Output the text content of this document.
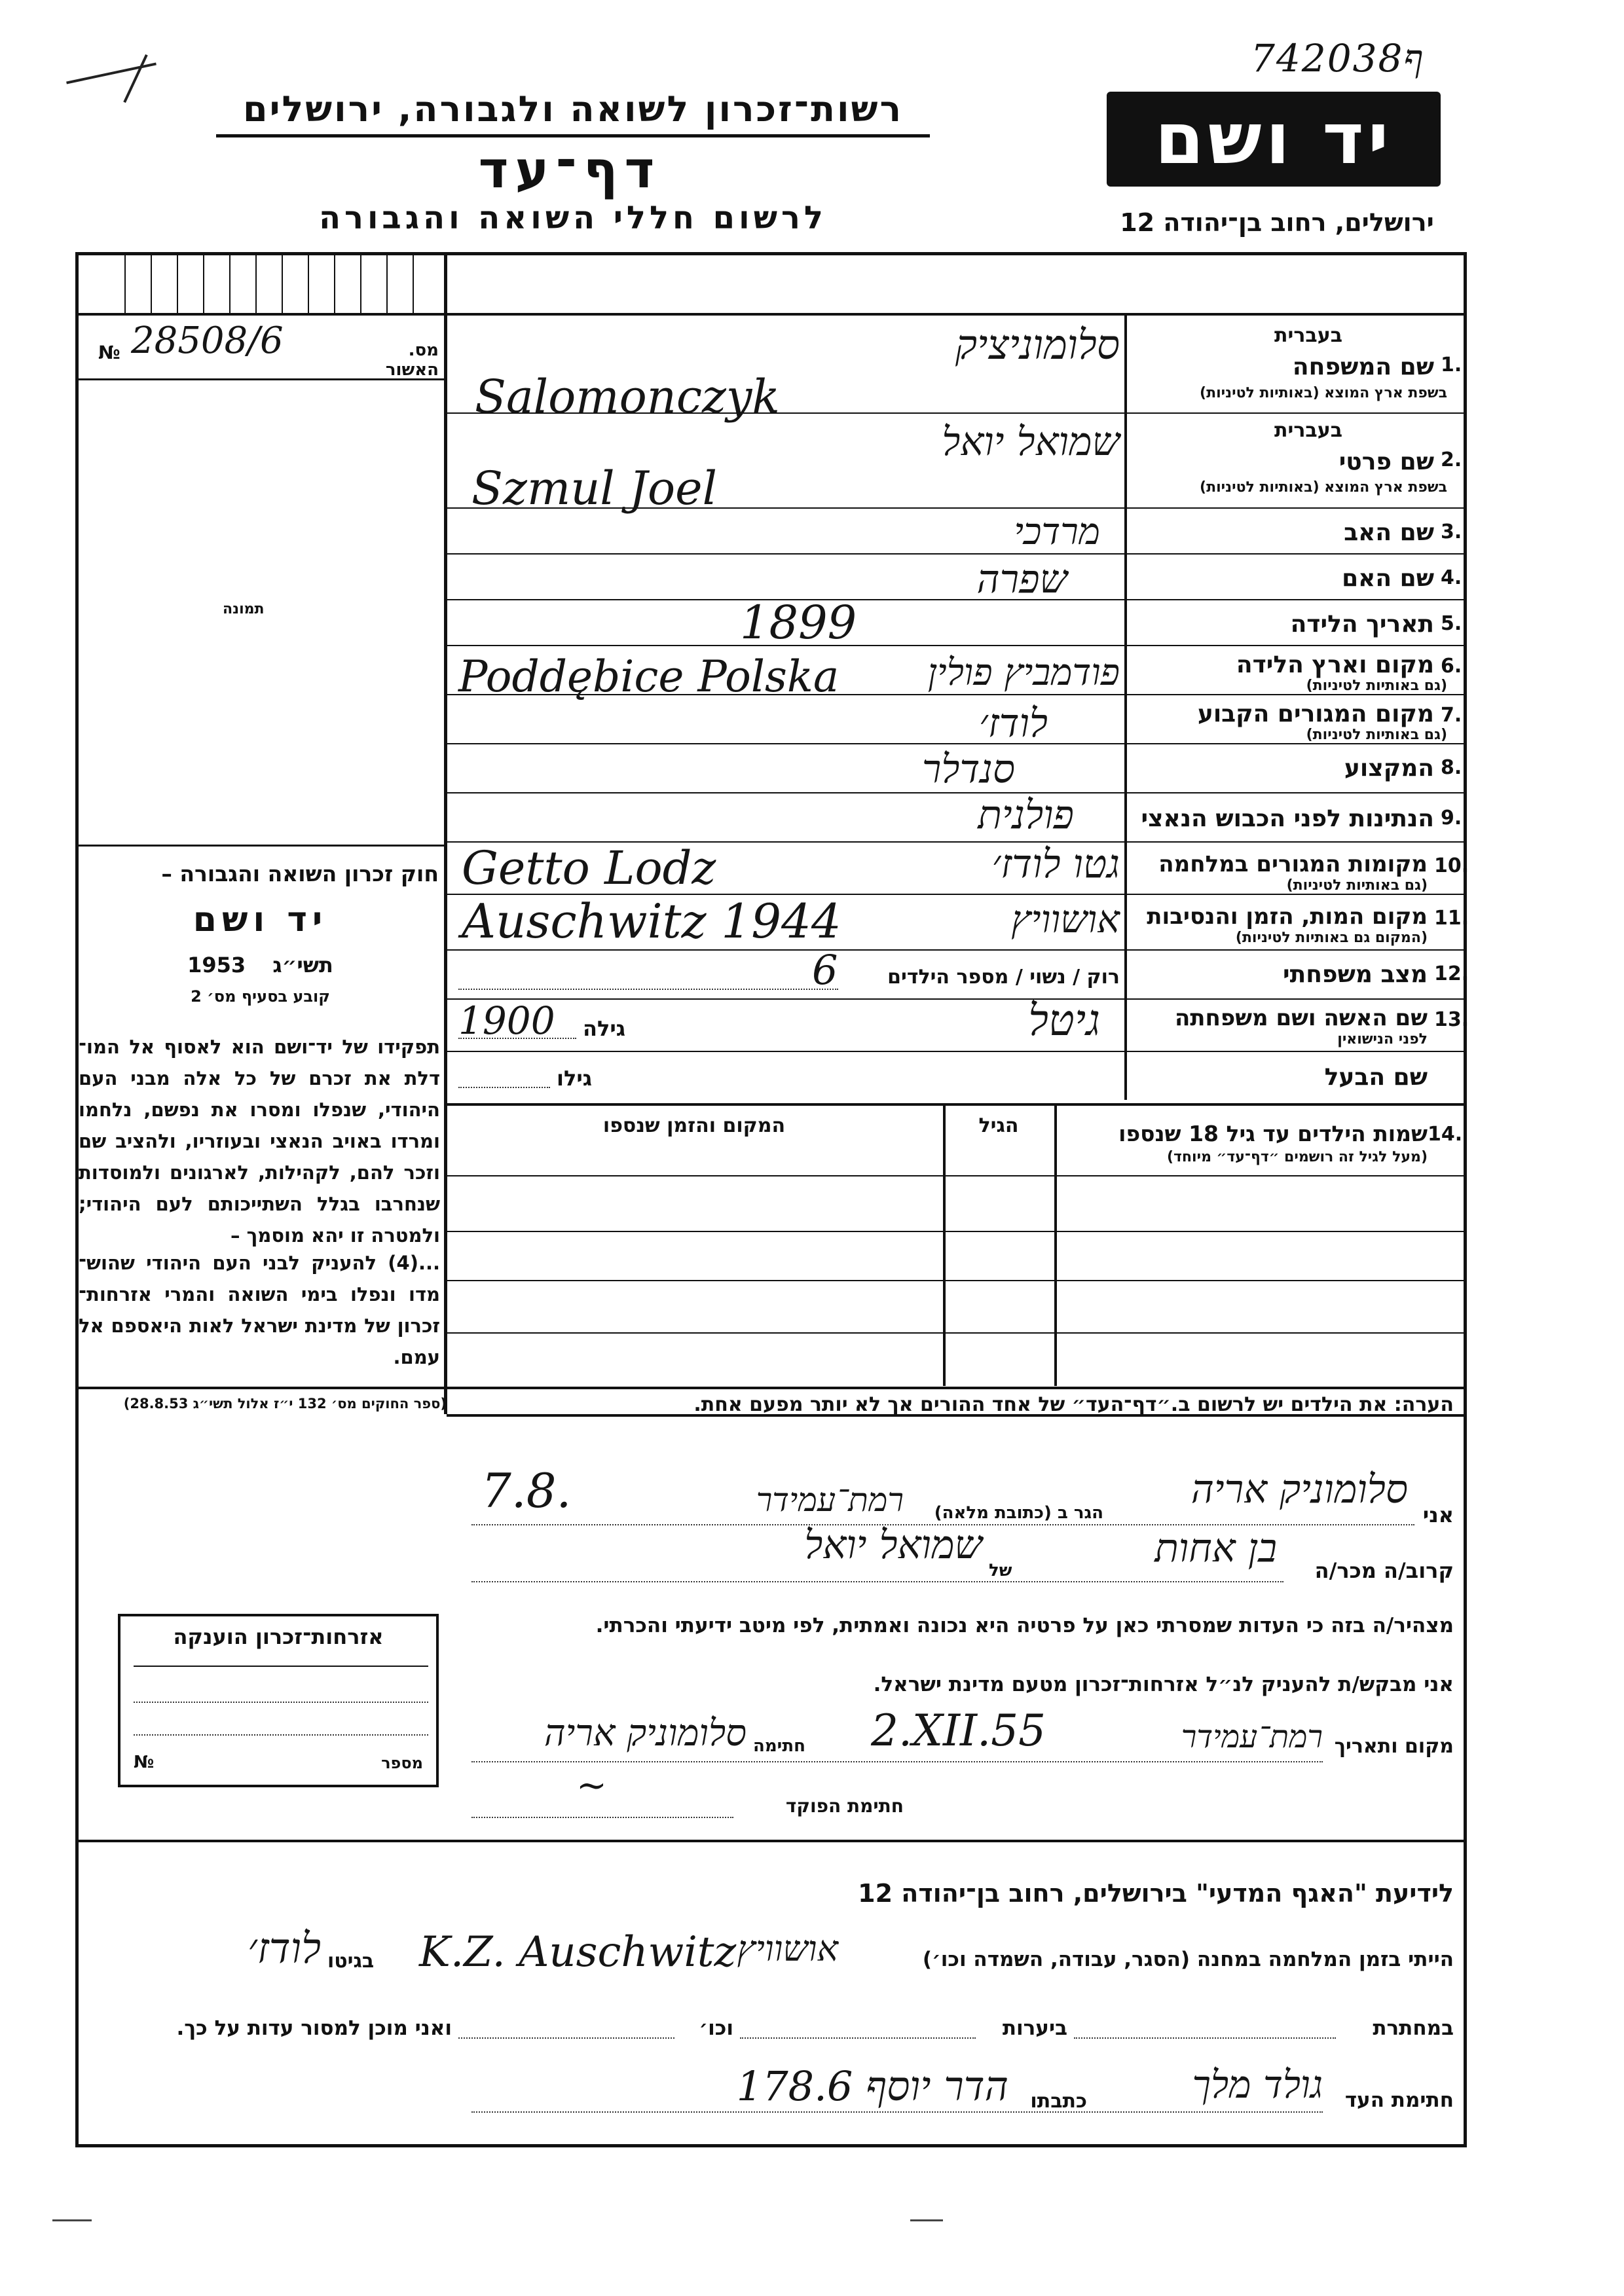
ף742038
רשות־זכרון לשואה ולגבורה, ירושלים
דף־עד
לרשום חללי השואה והגבורה
יד ושם
ירושלים, רחוב בן־יהודה 12
מס. האשור
№ 28508/6
תמונה
חוק זכרון השואה והגבורה –
יד ושם
1953 תשי״ג
קובע בסעיף מס׳ 2
תפקידו של יד־ושם הוא לאסוף אל המו־ דלת את זכרם של כל אלה מבני העם היהודי, שנפלו ומסרו את נפשם, נלחמו ומרדו באויב הנאצי ובעוזריו, ולהציב שם וזכר להם, לקהילות, לארגונים ולמוסדות שנחרבו בגלל השתייכותם לעם היהודי; ולמטרה זו יהא מוסמך –
...(4) להעניק לבני העם היהודי שהוש־ מדו ונפלו בימי השואה והמרי אזרחות־ זכרון של מדינת ישראל לאות היאספם אל עמם.
(ספר החוקים מס׳ 132 י״ז אלול תשי״ג 28.8.53)
1.
בעברית
שם המשפחה
בשפת ארץ המוצא (באותיות לטיניות)
סלומוניציק
Salomonczyk
2.
בעברית
שם פרטי
בשפת ארץ המוצא (באותיות לטיניות)
שמואל יואל
Szmul Joel
3.
שם האב
מרדכי
4.
שם האם
שפרה
5.
תאריך הלידה
1899
6.
מקום וארץ הלידה
(גם באותיות לטיניות)
Poddębice Polska	פודמביץ פולין
7.
מקום המגורים הקבוע
(גם באותיות לטיניות)
לודז׳
8.
המקצוע
סנדלר
9.
הנתינות לפני הכבוש הנאצי
פולנית
10.
מקומות המגורים במלחמה
(גם באותיות לטיניות)
Getto Lodz	גטו לודז׳
11.
מקום המות, הזמן והנסיבות
(המקום גם באותיות לטיניות)
Auschwitz 1944	אושוויץ
12.
מצב משפחתי
רוק / נשוי / מספר הילדים
6
13.
שם האשה ושם משפחתה
לפני הנישואין
גיטל
1900 גילה
שם הבעל
גילו
14.
שמות הילדים עד גיל 18 שנספו
(מעל לגיל זה רושמים ״דף־עד״ מיוחד)
הגיל
המקום והזמן שנספו
הערה: את הילדים יש לרשום ב.״דף־העד״ של אחד ההורים אך לא יותר מפעם אחת.
אני
סלומוניק אריה
הגר ב (כתובת מלאה)
רמת־עמידר
7.8.
קרוב/ה מכר/ה
בן אחות
של
שמואל יואל
מצהיר/ה בזה כי העדות שמסרתי כאן על פרטיה היא נכונה ואמתית, לפי מיטב ידיעתי והכרתי.
אני מבקש/ת להעניק לנ״ל אזרחות־זכרון מטעם מדינת ישראל.
מקום ותאריך
רמת־עמידר
2.XII.55
חתימה
סלומוניק אריה
~	חתימת הפוקד
אזרחות־זכרון הוענקה
מספר
№
לידיעת "האגף המדעי" בירושלים, רחוב בן־יהודה 12
הייתי בזמן המלחמה במחנה (הסגר, עבודה, השמדה וכו׳)
K.Z. Auschwitz אושוויץ
בגיטו
לודז׳
במחתרת
ביערות
וכו׳
ואני מוכן למסור עדות על כך.
חתימת העד
גולד מלך
כתבתו
הדר יוסף 178.6
